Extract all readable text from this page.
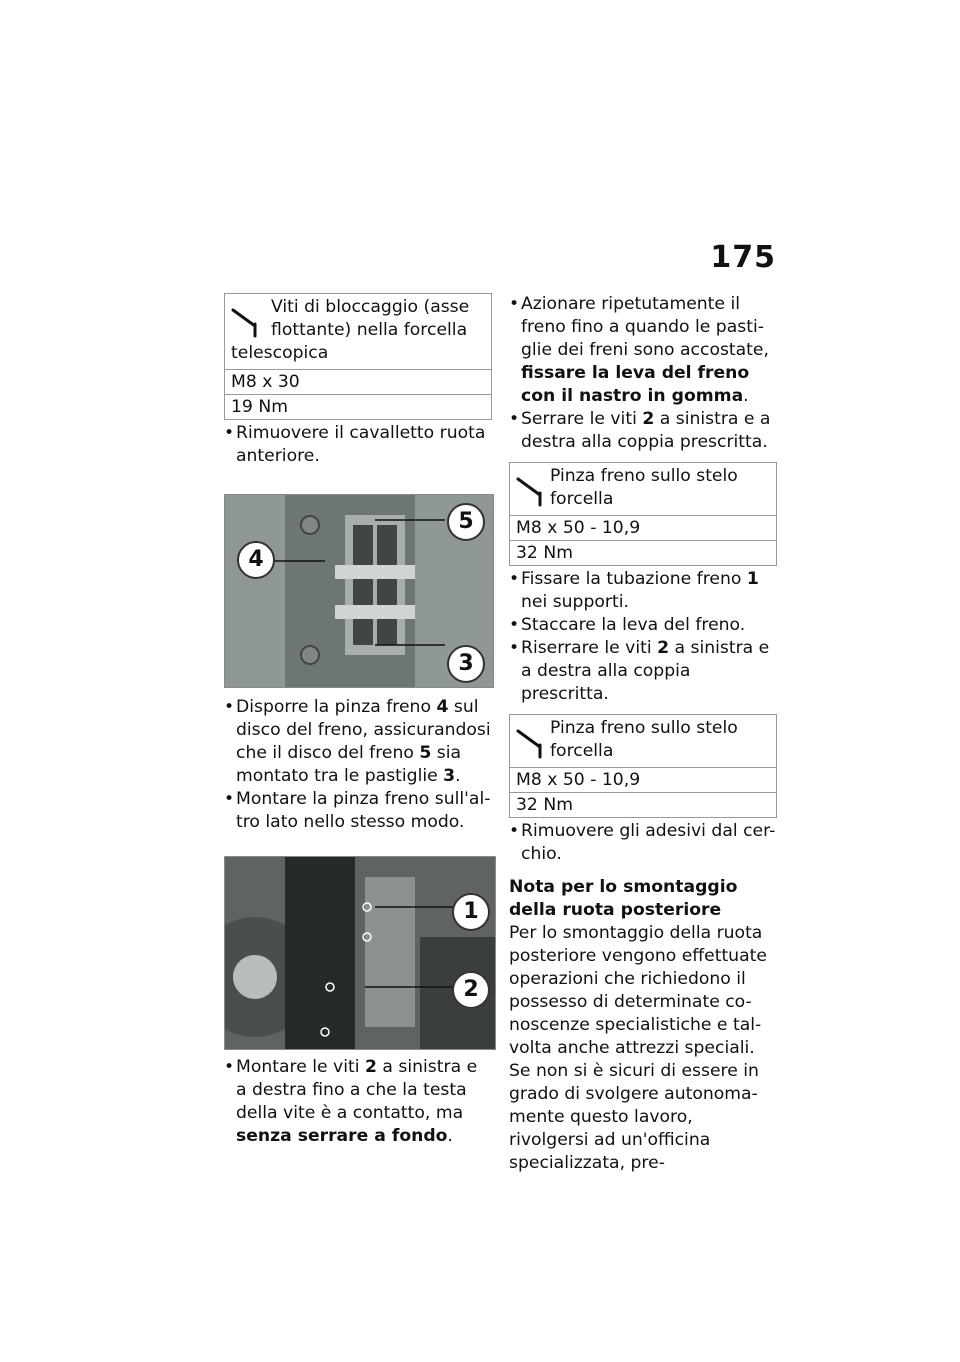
175
Viti di bloccaggio (asse
flottante) nella forcella
telescopica
M8 x 30
19 Nm
• Rimuovere il cavalletto ruota anteriore.
4
5
3
• Disporre la pinza freno 4 sul disco del freno, assicurandosi che il disco del freno 5 sia montato tra le pastiglie 3.
• Montare la pinza freno sull'al-tro lato nello stesso modo.
1
2
• Montare le viti 2 a sinistra e a destra fino a che la testa della vite è a contatto, ma senza serrare a fondo.
• Azionare ripetutamente il freno fino a quando le pasti-glie dei freni sono accostate, fissare la leva del freno con il nastro in gomma.
• Serrare le viti 2 a sinistra e a destra alla coppia prescritta.
Pinza freno sullo stelo
forcella
M8 x 50 - 10,9
32 Nm
• Fissare la tubazione freno 1 nei supporti.
• Staccare la leva del freno.
• Riserrare le viti 2 a sinistra e a destra alla coppia prescritta.
Pinza freno sullo stelo
forcella
M8 x 50 - 10,9
32 Nm
• Rimuovere gli adesivi dal cer-chio.
Nota per lo smontaggio della ruota posteriore

Per lo smontaggio della ruota posteriore vengono effettuate operazioni che richiedono il possesso di determinate co-noscenze specialistiche e tal-volta anche attrezzi speciali.

Se non si è sicuri di essere in grado di svolgere autonoma-mente questo lavoro, rivolgersi ad un'officina specializzata, pre-
